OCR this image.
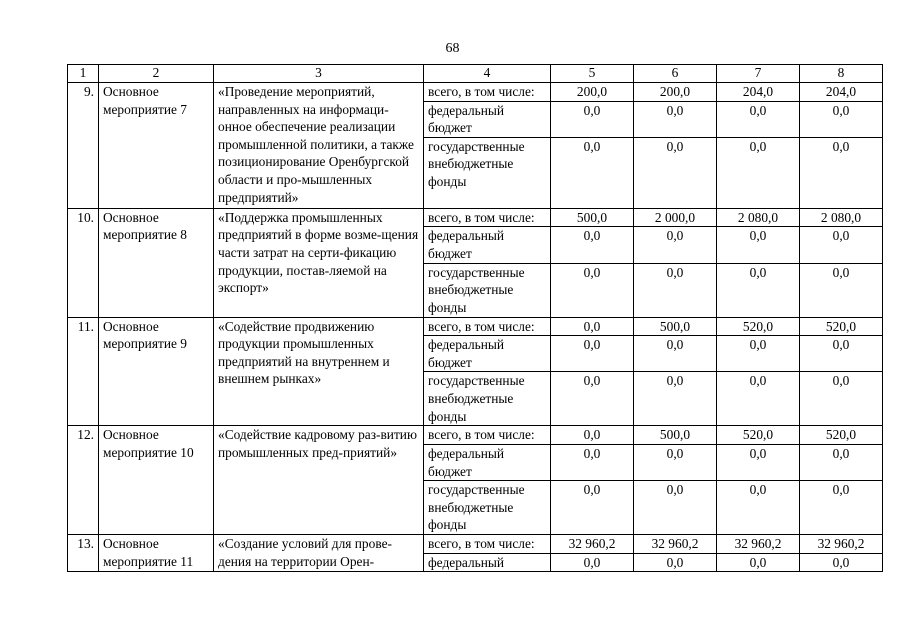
68
1	2	3	4	5	6	7	8
9.	Основное мероприятие 7	«Проведение мероприятий, направленных на информаци-онное обеспечение реализации промышленной политики, а также позиционирование Оренбургской области и про-мышленных предприятий»	всего, в том числе:	200,0	200,0	204,0	204,0
			федеральный бюджет	0,0	0,0	0,0	0,0
			государственные внебюджетные фонды	0,0	0,0	0,0	0,0
10.	Основное мероприятие 8	«Поддержка промышленных предприятий в форме возме-щения части затрат на серти-фикацию продукции, постав-ляемой на экспорт»	всего, в том числе:	500,0	2 000,0	2 080,0	2 080,0
			федеральный бюджет	0,0	0,0	0,0	0,0
			государственные внебюджетные фонды	0,0	0,0	0,0	0,0
11.	Основное мероприятие 9	«Содействие продвижению продукции промышленных предприятий на внутреннем и внешнем рынках»	всего, в том числе:	0,0	500,0	520,0	520,0
			федеральный бюджет	0,0	0,0	0,0	0,0
			государственные внебюджетные фонды	0,0	0,0	0,0	0,0
12.	Основное мероприятие 10	«Содействие кадровому раз-витию промышленных пред-приятий»	всего, в том числе:	0,0	500,0	520,0	520,0
			федеральный бюджет	0,0	0,0	0,0	0,0
			государственные внебюджетные фонды	0,0	0,0	0,0	0,0
13.	Основное мероприятие 11	«Создание условий для прове-дения на территории Орен-	всего, в том числе:	32 960,2	32 960,2	32 960,2	32 960,2
			федеральный	0,0	0,0	0,0	0,0
